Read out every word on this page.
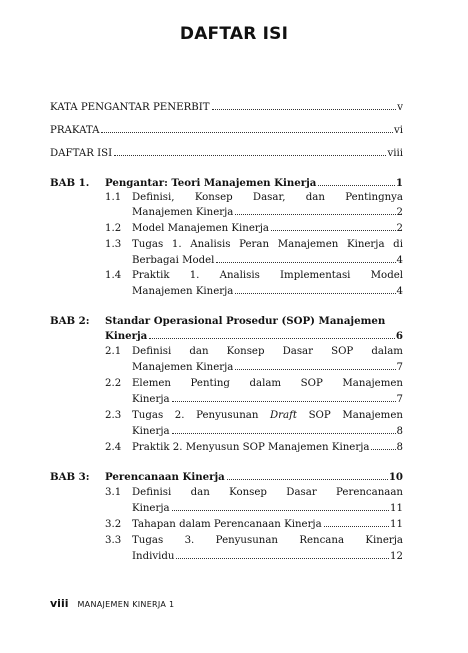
DAFTAR ISI
KATA PENGANTAR PENERBIT	v
PRAKATA	vi
DAFTAR ISI	viii
BAB 1. Pengantar: Teori Manajemen Kinerja	1
1.1 Definisi, Konsep Dasar, dan Pentingnya
Manajemen Kinerja	2
1.2 Model Manajemen Kinerja	2
1.3 Tugas 1. Analisis Peran Manajemen Kinerja di
Berbagai Model	4
1.4 Praktik 1. Analisis Implementasi Model
Manajemen Kinerja	4
BAB 2: Standar Operasional Prosedur (SOP) Manajemen
Kinerja	6
2.1 Definisi dan Konsep Dasar SOP dalam
Manajemen Kinerja	7
2.2 Elemen Penting dalam SOP Manajemen
Kinerja	7
2.3 Tugas 2. Penyusunan Draft SOP Manajemen
Kinerja	8
2.4 Praktik 2. Menyusun SOP Manajemen Kinerja	8
BAB 3: Perencanaan Kinerja	10
3.1 Definisi dan Konsep Dasar Perencanaan
Kinerja	11
3.2 Tahapan dalam Perencanaan Kinerja	11
3.3 Tugas 3. Penyusunan Rencana Kinerja
Individu	12
viii MANAJEMEN KINERJA 1
